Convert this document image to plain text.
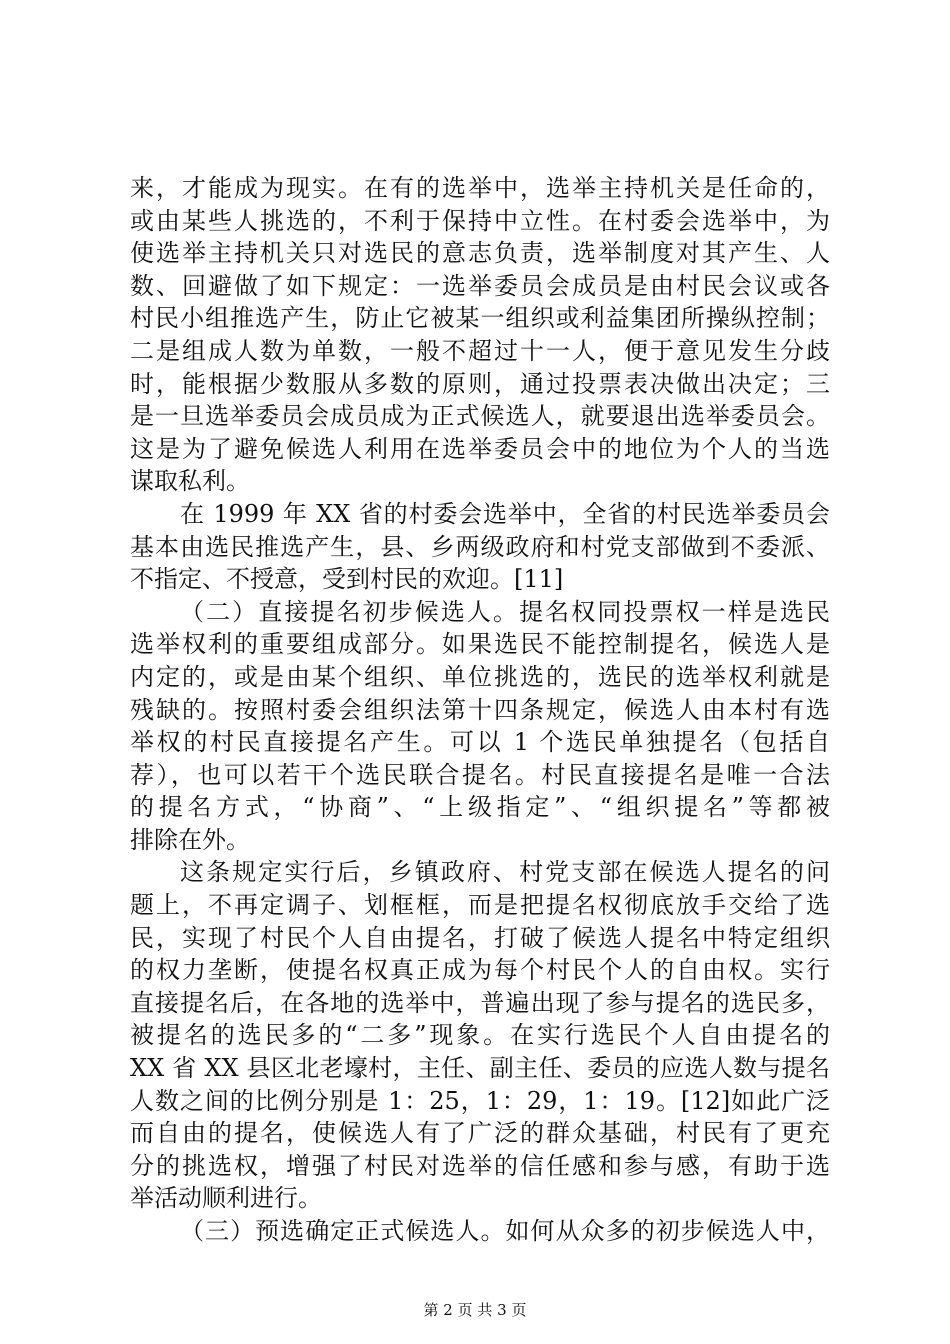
来，才能成为现实。在有的选举中，选举主持机关是任命的，
或由某些人挑选的，不利于保持中立性。在村委会选举中，为
使选举主持机关只对选民的意志负责，选举制度对其产生、人
数、回避做了如下规定：一选举委员会成员是由村民会议或各
村民小组推选产生，防止它被某一组织或利益集团所操纵控制；
二是组成人数为单数，一般不超过十一人，便于意见发生分歧
时，能根据少数服从多数的原则，通过投票表决做出决定；三
是一旦选举委员会成员成为正式候选人，就要退出选举委员会。
这是为了避免候选人利用在选举委员会中的地位为个人的当选
谋取私利。
在 1999 年 XX 省的村委会选举中，全省的村民选举委员会
基本由选民推选产生，县、乡两级政府和村党支部做到不委派、
不指定、不授意，受到村民的欢迎。[11]
（二）直接提名初步候选人。提名权同投票权一样是选民
选举权利的重要组成部分。如果选民不能控制提名，候选人是
内定的，或是由某个组织、单位挑选的，选民的选举权利就是
残缺的。按照村委会组织法第十四条规定，候选人由本村有选
举权的村民直接提名产生。可以 1 个选民单独提名（包括自
荐），也可以若干个选民联合提名。村民直接提名是唯一合法
的提名方式，“协商”、“上级指定”、“组织提名”等都被
排除在外。
这条规定实行后，乡镇政府、村党支部在候选人提名的问
题上，不再定调子、划框框，而是把提名权彻底放手交给了选
民，实现了村民个人自由提名，打破了候选人提名中特定组织
的权力垄断，使提名权真正成为每个村民个人的自由权。实行
直接提名后，在各地的选举中，普遍出现了参与提名的选民多，
被提名的选民多的“二多”现象。在实行选民个人自由提名的
XX 省 XX 县区北老壕村，主任、副主任、委员的应选人数与提名
人数之间的比例分别是 1：25，1：29，1：19。[12]如此广泛
而自由的提名，使候选人有了广泛的群众基础，村民有了更充
分的挑选权，增强了村民对选举的信任感和参与感，有助于选
举活动顺利进行。
（三）预选确定正式候选人。如何从众多的初步候选人中，
第 2 页 共 3 页
